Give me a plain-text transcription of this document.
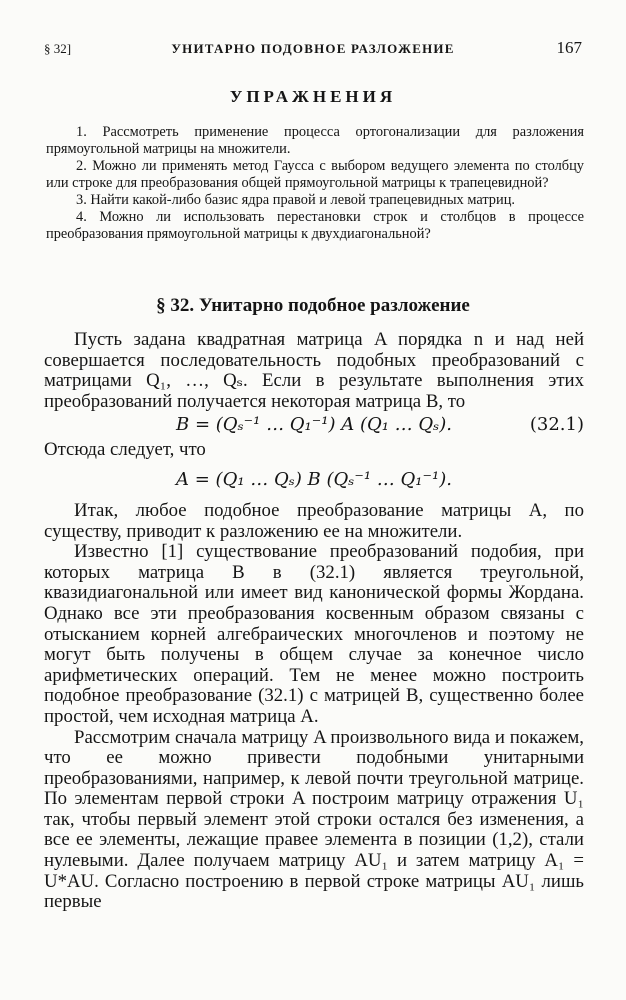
§ 32]	УНИТАРНО ПОДОВНОЕ РАЗЛОЖЕНИЕ	167
УПРАЖНЕНИЯ

1. Рассмотреть применение процесса ортогонализации для разложения прямоугольной матрицы на множители.

2. Можно ли применять метод Гаусса с выбором ведущего элемента по столбцу или строке для преобразования общей прямоугольной матрицы к трапецевидной?

3. Найти какой-либо базис ядра правой и левой трапецевидных матриц.

4. Можно ли использовать перестановки строк и столбцов в процессе преобразования прямоугольной матрицы к двухдиагональной?

§ 32. Унитарно подобное разложение

Пусть задана квадратная матрица A порядка n и над ней совершается последовательность подобных преобразований с матрицами Q₁, …, Qₛ. Если в результате выполнения этих преобразований получается некоторая матрица B, то

B = (Qₛ⁻¹ … Q₁⁻¹) A (Q₁ … Qₛ).	(32.1)

Отсюда следует, что

A = (Q₁ … Qₛ) B (Qₛ⁻¹ … Q₁⁻¹).

Итак, любое подобное преобразование матрицы A, по существу, приводит к разложению ее на множители.

Известно [1] существование преобразований подобия, при которых матрица B в (32.1) является треугольной, квазидиагональной или имеет вид канонической формы Жордана. Однако все эти преобразования косвенным образом связаны с отысканием корней алгебраических многочленов и поэтому не могут быть получены в общем случае за конечное число арифметических операций. Тем не менее можно построить подобное преобразование (32.1) с матрицей B, существенно более простой, чем исходная матрица A.

Рассмотрим сначала матрицу A произвольного вида и покажем, что ее можно привести подобными унитарными преобразованиями, например, к левой почти треугольной матрице. По элементам первой строки A построим матрицу отражения U₁ так, чтобы первый элемент этой строки остался без изменения, а все ее элементы, лежащие правее элемента в позиции (1,2), стали нулевыми. Далее получаем матрицу AU₁ и затем матрицу A₁ = U*AU. Согласно построению в первой строке матрицы AU₁ лишь первые
